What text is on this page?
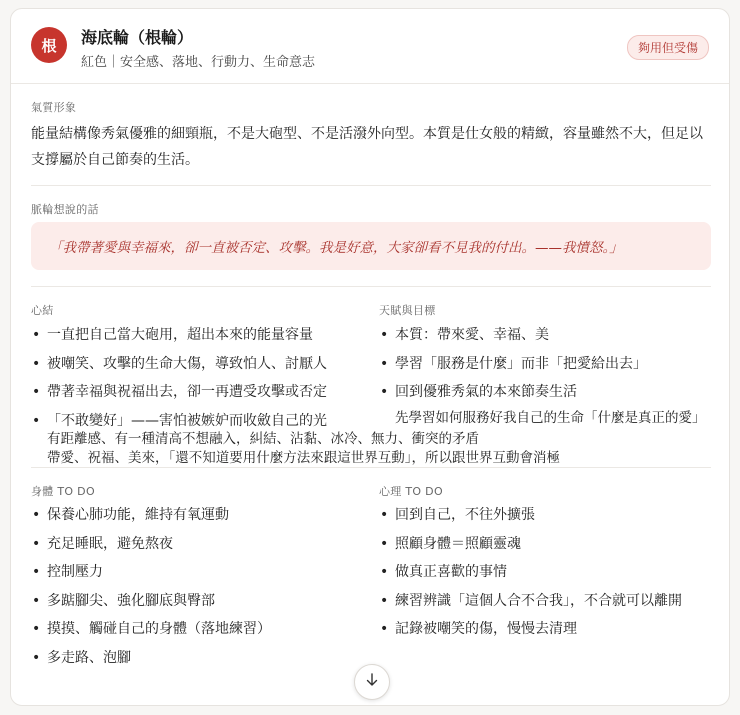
根	海底輪（根輪）
紅色｜安全感、落地、行動力、生命意志
夠用但受傷
氣質形象
能量結構像秀氣優雅的細頸瓶，不是大砲型、不是活潑外向型。本質是仕女般的精緻，容量雖然不大，但足以支撐屬於自己節奏的生活。
脈輪想說的話
「我帶著愛與幸福來，卻一直被否定、攻擊。我是好意，大家卻看不見我的付出。——我憤怒。」
心結
• 一直把自己當大砲用，超出本來的能量容量
• 被嘲笑、攻擊的生命大傷，導致怕人、討厭人
• 帶著幸福與祝福出去，卻一再遭受攻擊或否定
• 「不敢變好」——害怕被嫉妒而收斂自己的光
有距離感、有一種清高不想融入，糾結、沾黏、冰冷、無力、衝突的矛盾
帶愛、祝福、美來，「還不知道要用什麼方法來跟這世界互動」，所以跟世界互動會消極
天賦與目標
• 本質：帶來愛、幸福、美
• 學習「服務是什麼」而非「把愛給出去」
• 回到優雅秀氣的本來節奏生活
先學習如何服務好我自己的生命「什麼是真正的愛」
身體 TO DO
• 保養心肺功能，維持有氧運動
• 充足睡眠，避免熬夜
• 控制壓力
• 多踮腳尖、強化腳底與臀部
• 摸摸、觸碰自己的身體（落地練習）
• 多走路、泡腳
心理 TO DO
• 回到自己，不往外擴張
• 照顧身體＝照顧靈魂
• 做真正喜歡的事情
• 練習辨識「這個人合不合我」，不合就可以離開
• 記錄被嘲笑的傷，慢慢去清理
